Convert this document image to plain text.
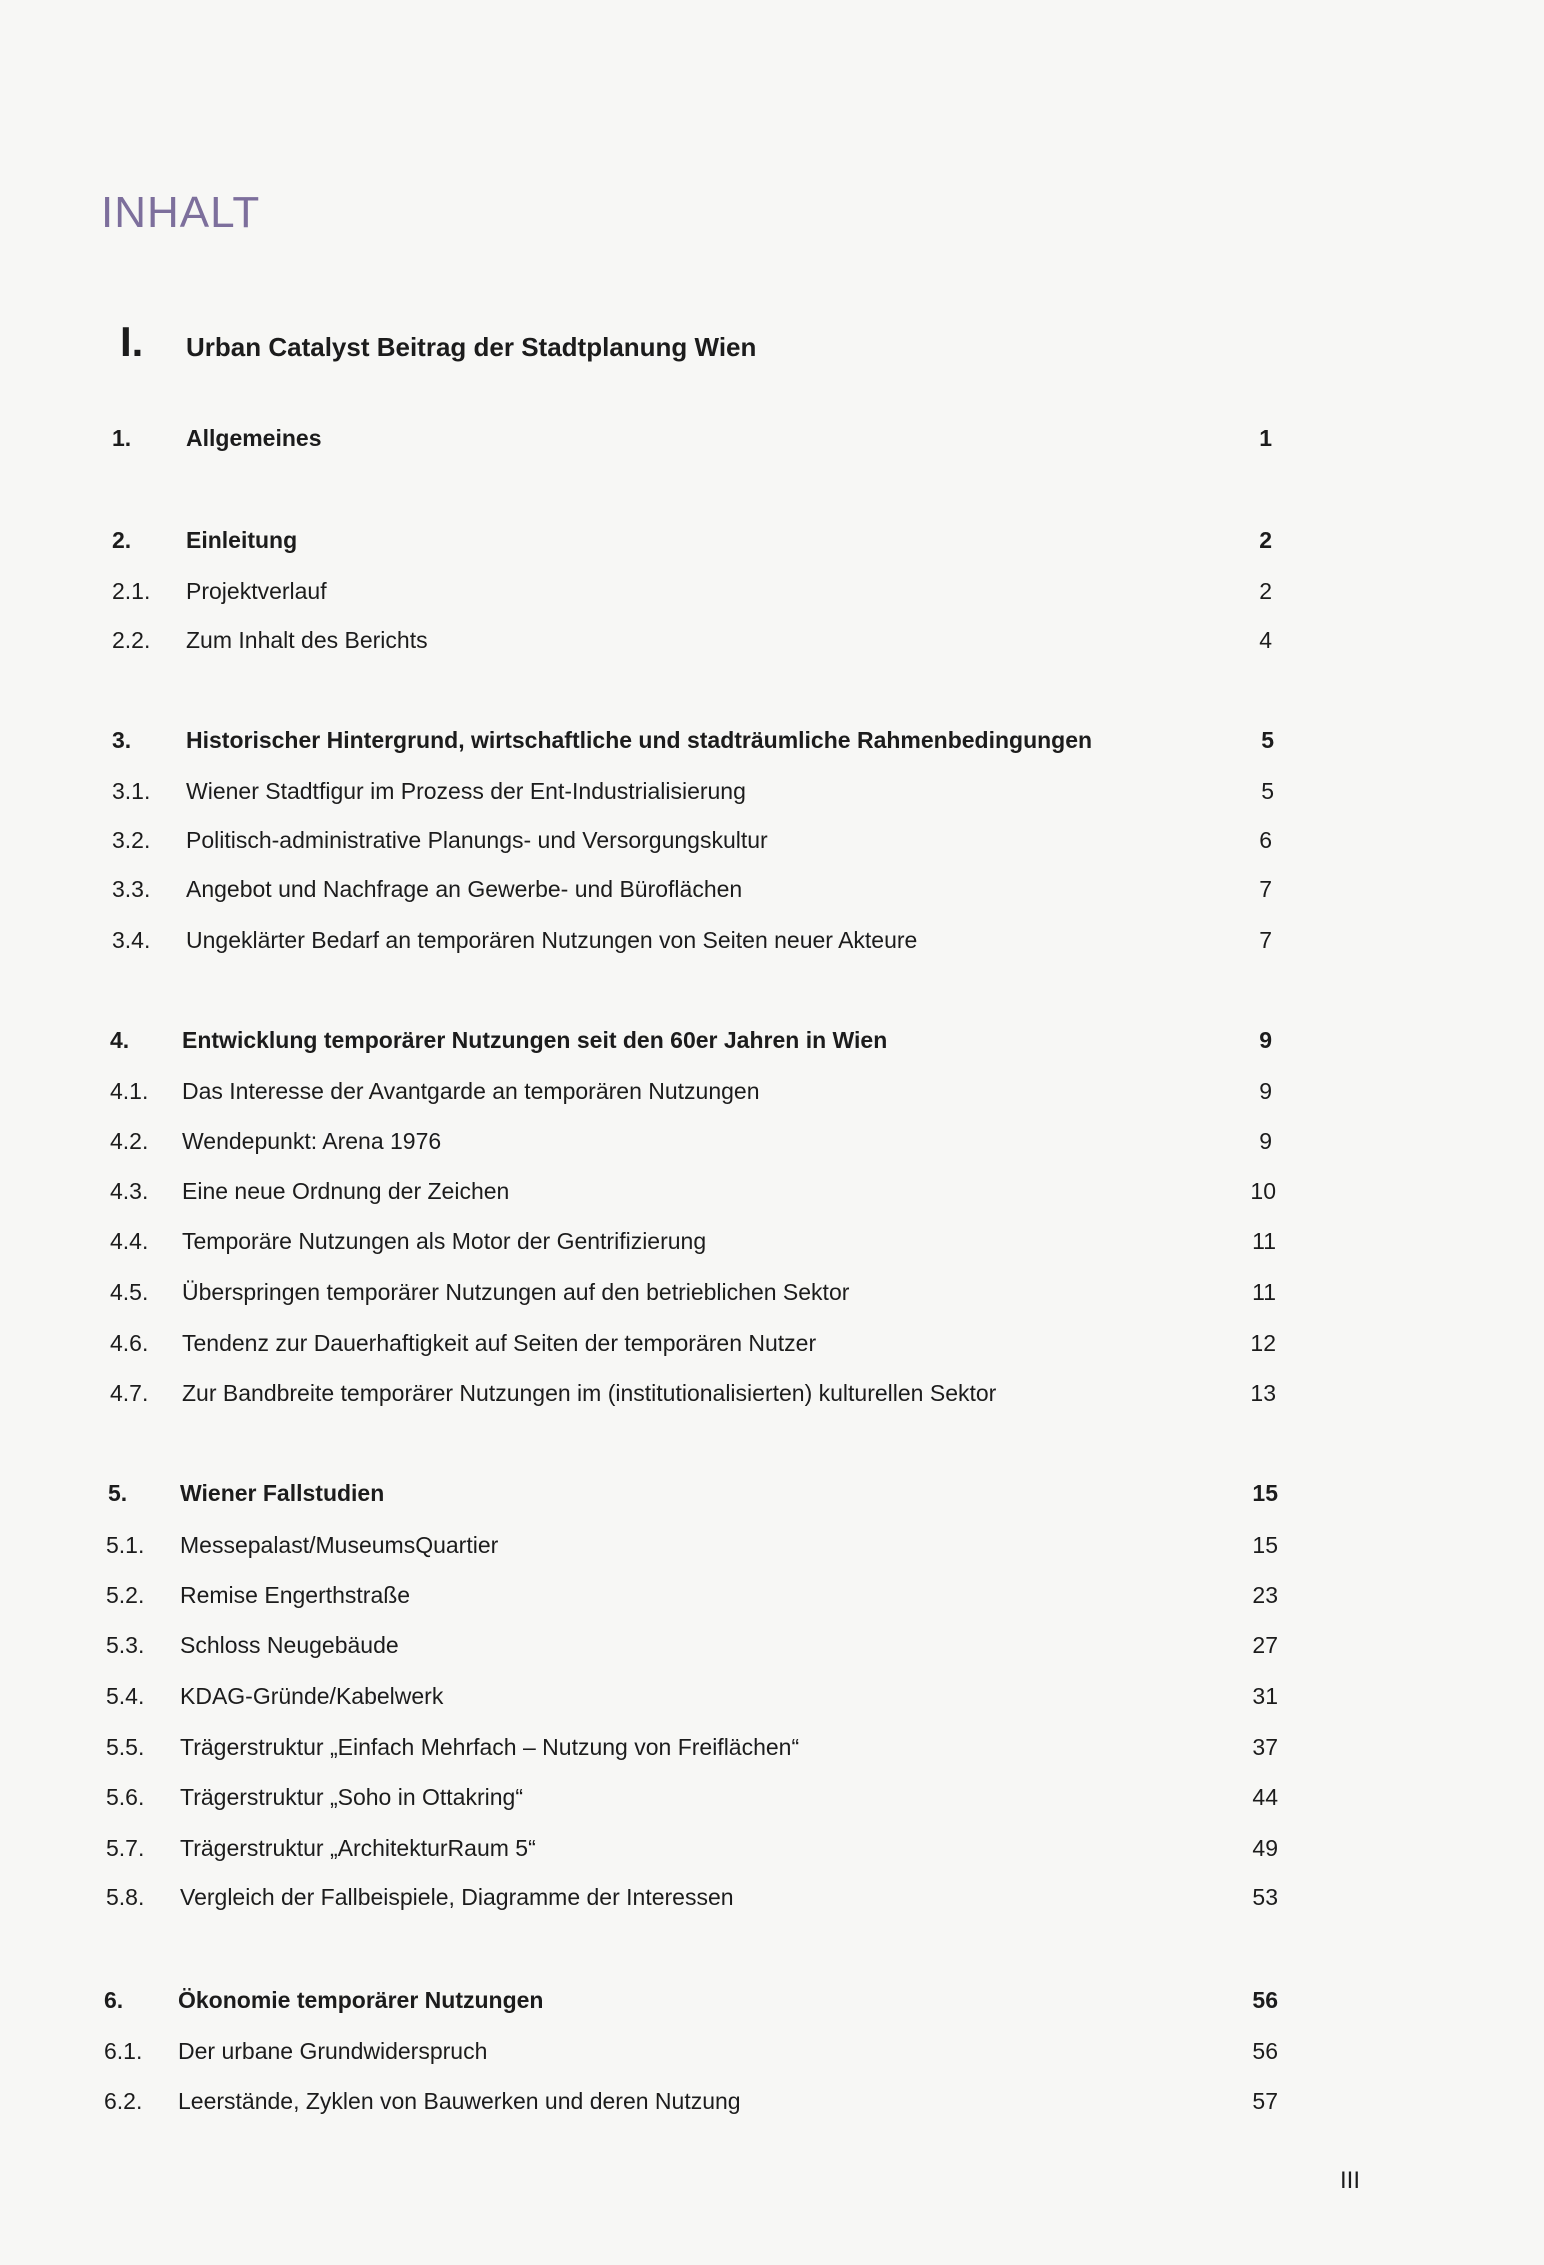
INHALT
I.	Urban Catalyst Beitrag der Stadtplanung Wien
1. Allgemeines	1
2. Einleitung	2
2.1. Projektverlauf	2
2.2. Zum Inhalt des Berichts	4
3. Historischer Hintergrund, wirtschaftliche und stadträumliche Rahmenbedingungen	5
3.1. Wiener Stadtfigur im Prozess der Ent-Industrialisierung	5
3.2. Politisch-administrative Planungs- und Versorgungskultur	6
3.3. Angebot und Nachfrage an Gewerbe- und Büroflächen	7
3.4. Ungeklärter Bedarf an temporären Nutzungen von Seiten neuer Akteure	7
4. Entwicklung temporärer Nutzungen seit den 60er Jahren in Wien	9
4.1. Das Interesse der Avantgarde an temporären Nutzungen	9
4.2. Wendepunkt: Arena 1976	9
4.3. Eine neue Ordnung der Zeichen	10
4.4. Temporäre Nutzungen als Motor der Gentrifizierung	11
4.5. Überspringen temporärer Nutzungen auf den betrieblichen Sektor	11
4.6. Tendenz zur Dauerhaftigkeit auf Seiten der temporären Nutzer	12
4.7. Zur Bandbreite temporärer Nutzungen im (institutionalisierten) kulturellen Sektor	13
5. Wiener Fallstudien	15
5.1. Messepalast/MuseumsQuartier	15
5.2. Remise Engerthstraße	23
5.3. Schloss Neugebäude	27
5.4. KDAG-Gründe/Kabelwerk	31
5.5. Trägerstruktur „Einfach Mehrfach – Nutzung von Freiflächen“	37
5.6. Trägerstruktur „Soho in Ottakring“	44
5.7. Trägerstruktur „ArchitekturRaum 5“	49
5.8. Vergleich der Fallbeispiele, Diagramme der Interessen	53
6. Ökonomie temporärer Nutzungen	56
6.1. Der urbane Grundwiderspruch	56
6.2. Leerstände, Zyklen von Bauwerken und deren Nutzung	57
III
